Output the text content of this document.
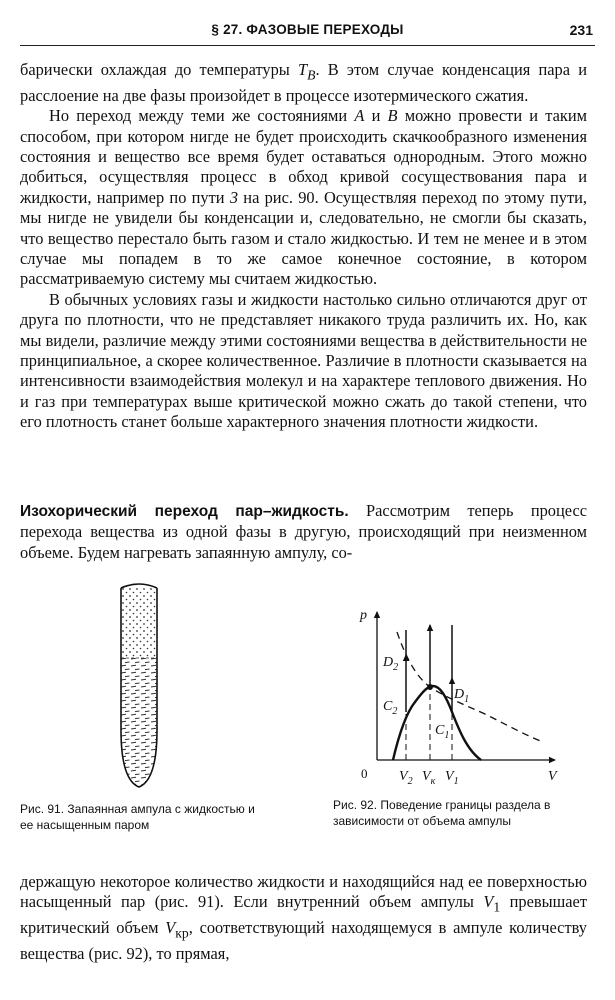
§ 27. ФАЗОВЫЕ ПЕРЕХОДЫ	231

барически охлаждая до температуры $T_B$. В этом случае конденсация пара и расслоение на две фазы произойдет в процессе изотермического сжатия.

Но переход между теми же состояниями A и B можно провести и таким способом, при котором нигде не будет происходить скачкообразного изменения состояния и вещество все время будет оставаться однородным. Этого можно добиться, осуществляя процесс в обход кривой сосуществования пара и жидкости, например по пути 3 на рис. 90. Осуществляя переход по этому пути, мы нигде не увидели бы конденсации и, следовательно, не смогли бы сказать, что вещество перестало быть газом и стало жидкостью. И тем не менее и в этом случае мы попадем в то же самое конечное состояние, в котором рассматриваемую систему мы считаем жидкостью.

В обычных условиях газы и жидкости настолько сильно отличаются друг от друга по плотности, что не представляет никакого труда различить их. Но, как мы видели, различие между этими состояниями вещества в действительности не принципиальное, а скорее количественное. Различие в плотности сказывается на интенсивности взаимодействия молекул и на характере теплового движения. Но и газ при температурах выше критической можно сжать до такой степени, что его плотность станет больше характерного значения плотности жидкости.

Изохорический переход пар–жидкость. Рассмотрим теперь процесс перехода вещества из одной фазы в другую, происходящий при неизменном объеме. Будем нагревать запаянную ампулу, со-

Рис. 91. Запаянная ампула с жидкостью и ее насыщенным паром
p
V
0
$D_2$
$C_2$
$D_1$
$C_1$
$V_2$ $V_к$ $V_1$
Рис. 92. Поведение границы раздела в зависимости от объема ампулы

держащую некоторое количество жидкости и находящийся над ее поверхностью насыщенный пар (рис. 91). Если внутренний объем ампулы $V_1$ превышает критический объем $V_{кр}$, соответствующий находящемуся в ампуле количеству вещества (рис. 92), то прямая,
